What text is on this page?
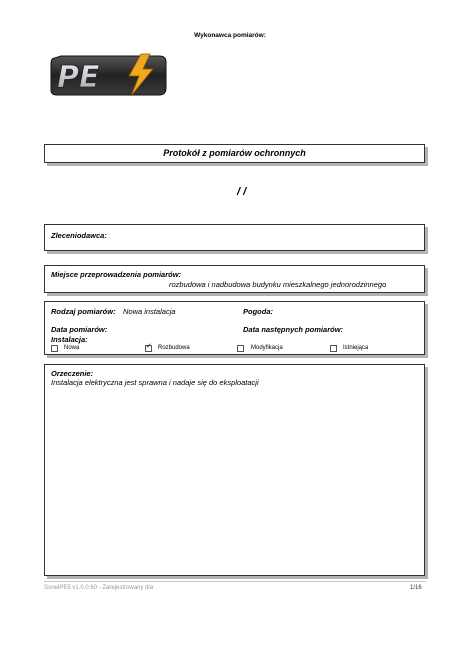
Wykonawca pomiarów:
PE
Protokół z pomiarów ochronnych
/ /
Zleceniodawca:
Miejsce przeprowadzenia pomiarów:
rozbudowa i nadbudowa budynku mieszkalnego jednorodzinnego
Rodzaj pomiarów: Nowa instalacja	Pogoda:
Data pomiarów:	Data następnych pomiarów:
Instalacja:
Nowa	✓ Rozbudowa	Modyfikacja	Istniejąca
Orzeczenie:
Instalacja elektryczna jest sprawna i nadaje się do eksploatacji
SonelPE5 v1.0.0.60 - Zarejestrowany dla	1/16
